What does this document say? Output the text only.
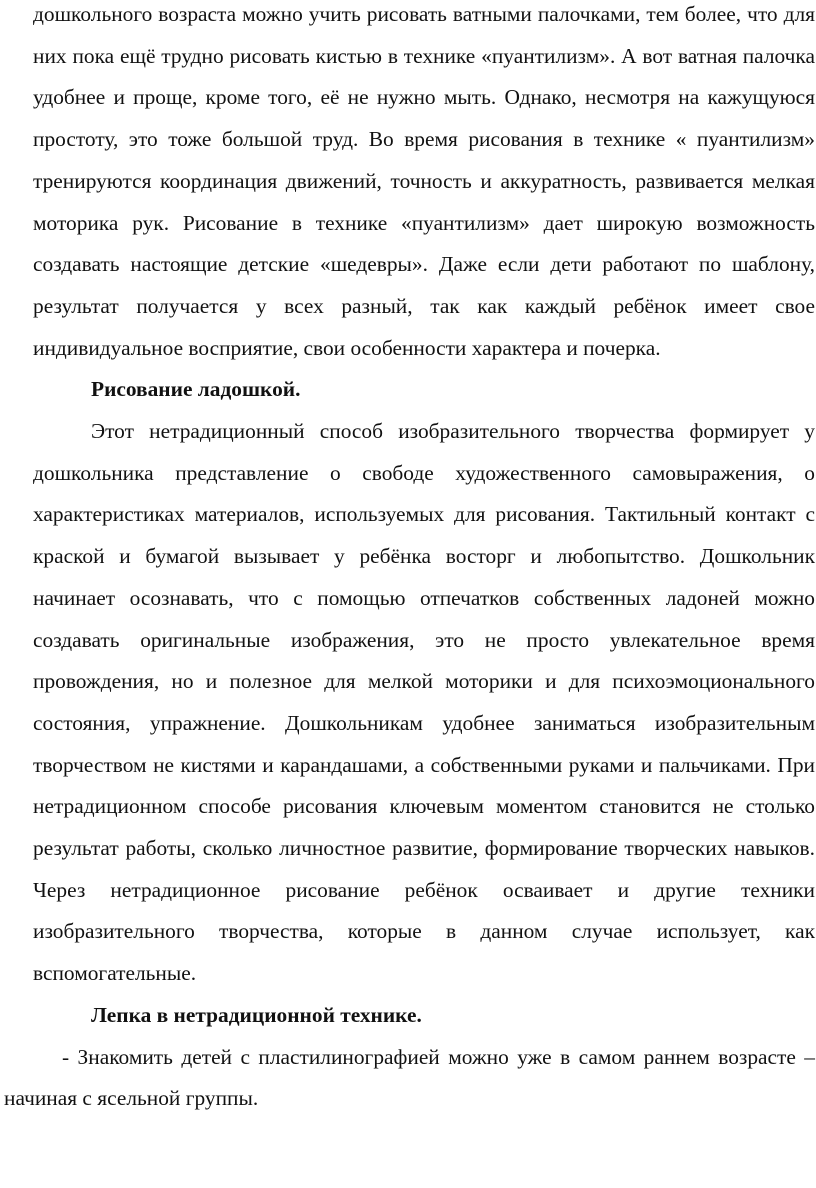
дошкольного возраста можно учить рисовать ватными палочками, тем более, что для них пока ещё трудно рисовать кистью в технике «пуантилизм». А вот ватная палочка удобнее и проще, кроме того, её не нужно мыть. Однако, несмотря на кажущуюся простоту, это тоже большой труд. Во время рисования в технике « пуантилизм» тренируются координация движений, точность и аккуратность, развивается мелкая моторика рук. Рисование в технике «пуантилизм» дает широкую возможность создавать настоящие детские «шедевры». Даже если дети работают по шаблону, результат получается у всех разный, так как каждый ребёнок имеет свое индивидуальное восприятие, свои особенности характера и почерка.

Рисование ладошкой.

Этот нетрадиционный способ изобразительного творчества формирует у дошкольника представление о свободе художественного самовыражения, о характеристиках материалов, используемых для рисования. Тактильный контакт с краской и бумагой вызывает у ребёнка восторг и любопытство. Дошкольник начинает осознавать, что с помощью отпечатков собственных ладоней можно создавать оригинальные изображения, это не просто увлекательное время провождения, но и полезное для мелкой моторики и для психоэмоционального состояния, упражнение. Дошкольникам удобнее заниматься изобразительным творчеством не кистями и карандашами, а собственными руками и пальчиками. При нетрадиционном способе рисования ключевым моментом становится не столько результат работы, сколько личностное развитие, формирование творческих навыков. Через нетрадиционное рисование ребёнок осваивает и другие техники изобразительного творчества, которые в данном случае использует, как вспомогательные.

Лепка в нетрадиционной технике.

- Знакомить детей с пластилинографией можно уже в самом раннем возрасте – начиная с ясельной группы.
